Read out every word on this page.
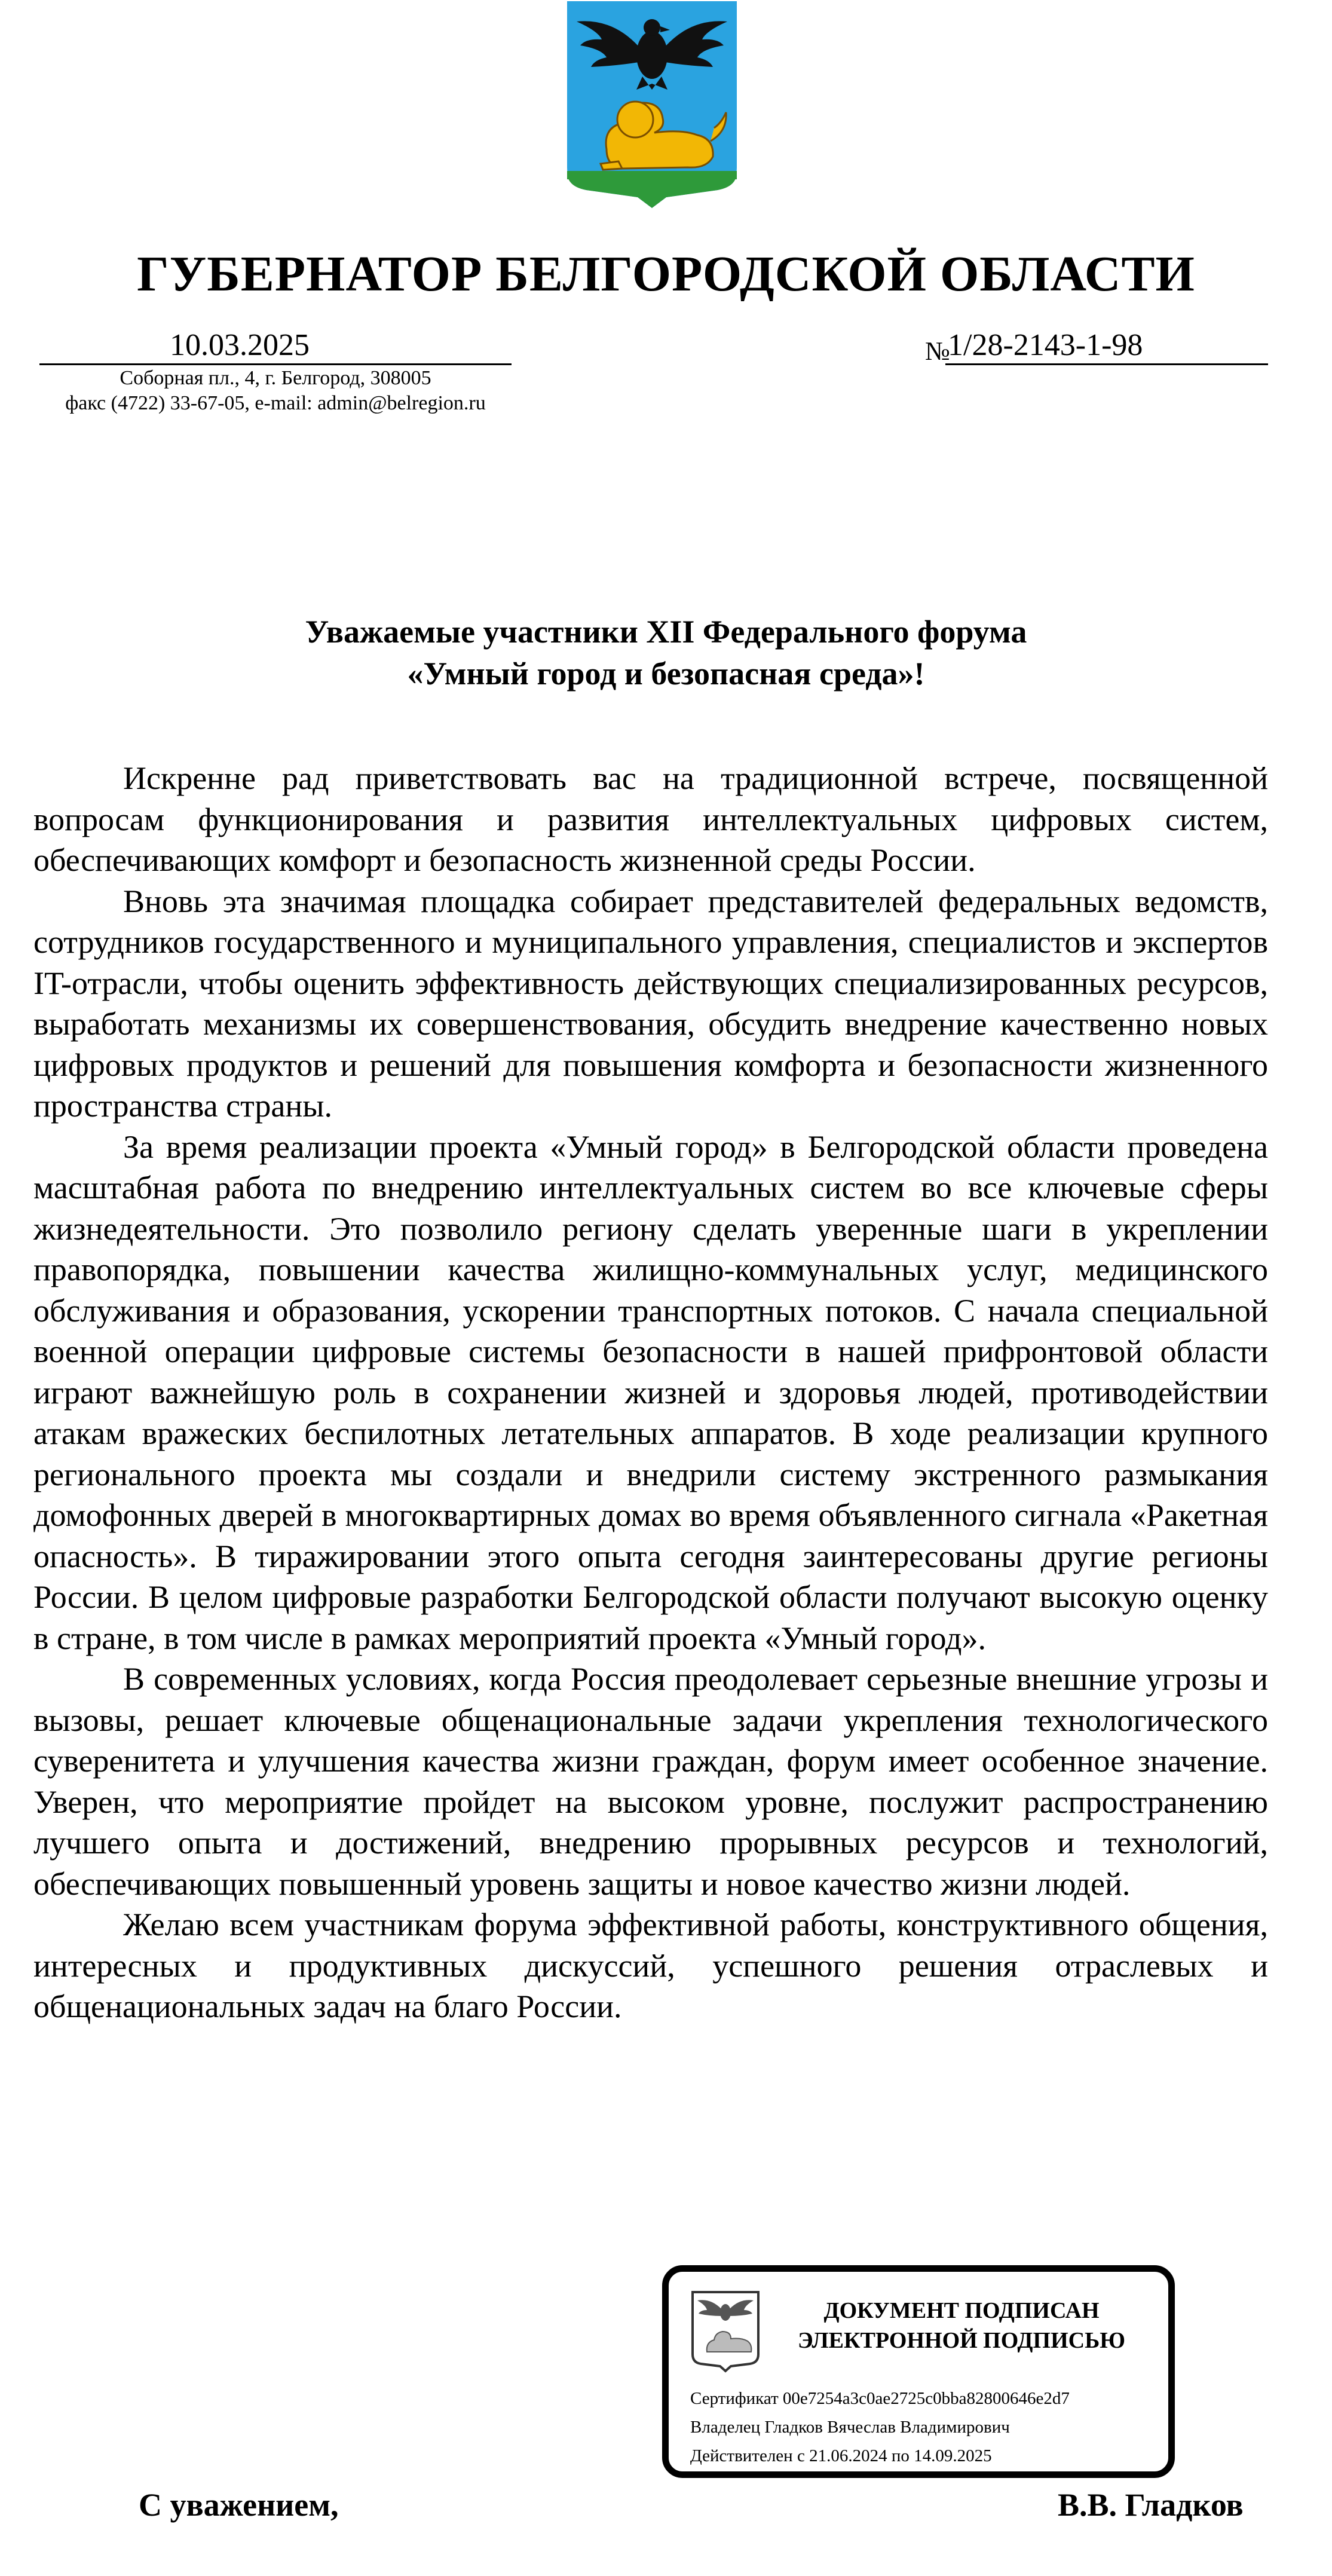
ГУБЕРНАТОР БЕЛГОРОДСКОЙ ОБЛАСТИ
10.03.2025	№
1/28-2143-1-98
Соборная пл., 4, г. Белгород, 308005
факс (4722) 33-67-05, e-mail: admin@belregion.ru
Уважаемые участники XII Федерального форума
«Умный город и безопасная среда»!

Искренне рад приветствовать вас на традиционной встрече, посвященной вопросам функционирования и развития интеллектуальных цифровых систем, обеспечивающих комфорт и безопасность жизненной среды России.

Вновь эта значимая площадка собирает представителей федеральных ведомств, сотрудников государственного и муниципального управления, специалистов и экспертов IT-отрасли, чтобы оценить эффективность действующих специализированных ресурсов, выработать механизмы их совершенствования, обсудить внедрение качественно новых цифровых продуктов и решений для повышения комфорта и безопасности жизненного пространства страны.

За время реализации проекта «Умный город» в Белгородской области проведена масштабная работа по внедрению интеллектуальных систем во все ключевые сферы жизнедеятельности. Это позволило региону сделать уверенные шаги в укреплении правопорядка, повышении качества жилищно-коммунальных услуг, медицинского обслуживания и образования, ускорении транспортных потоков. С начала специальной военной операции цифровые системы безопасности в нашей прифронтовой области играют важнейшую роль в сохранении жизней и здоровья людей, противодействии атакам вражеских беспилотных летательных аппаратов. В ходе реализации крупного регионального проекта мы создали и внедрили систему экстренного размыкания домофонных дверей в многоквартирных домах во время объявленного сигнала «Ракетная опасность». В тиражировании этого опыта сегодня заинтересованы другие регионы России. В целом цифровые разработки Белгородской области получают высокую оценку в стране, в том числе в рамках мероприятий проекта «Умный город».

В современных условиях, когда Россия преодолевает серьезные внешние угрозы и вызовы, решает ключевые общенациональные задачи укрепления технологического суверенитета и улучшения качества жизни граждан, форум имеет особенное значение. Уверен, что мероприятие пройдет на высоком уровне, послужит распространению лучшего опыта и достижений, внедрению прорывных ресурсов и технологий, обеспечивающих повышенный уровень защиты и новое качество жизни людей.

Желаю всем участникам форума эффективной работы, конструктивного общения, интересных и продуктивных дискуссий, успешного решения отраслевых и общенациональных задач на благо России.

ДОКУМЕНТ ПОДПИСАН
ЭЛЕКТРОННОЙ ПОДПИСЬЮ
Сертификат 00e7254a3c0ae2725c0bba82800646e2d7
Владелец Гладков Вячеслав Владимирович
Действителен с 21.06.2024 по 14.09.2025
С уважением,	В.В. Гладков
